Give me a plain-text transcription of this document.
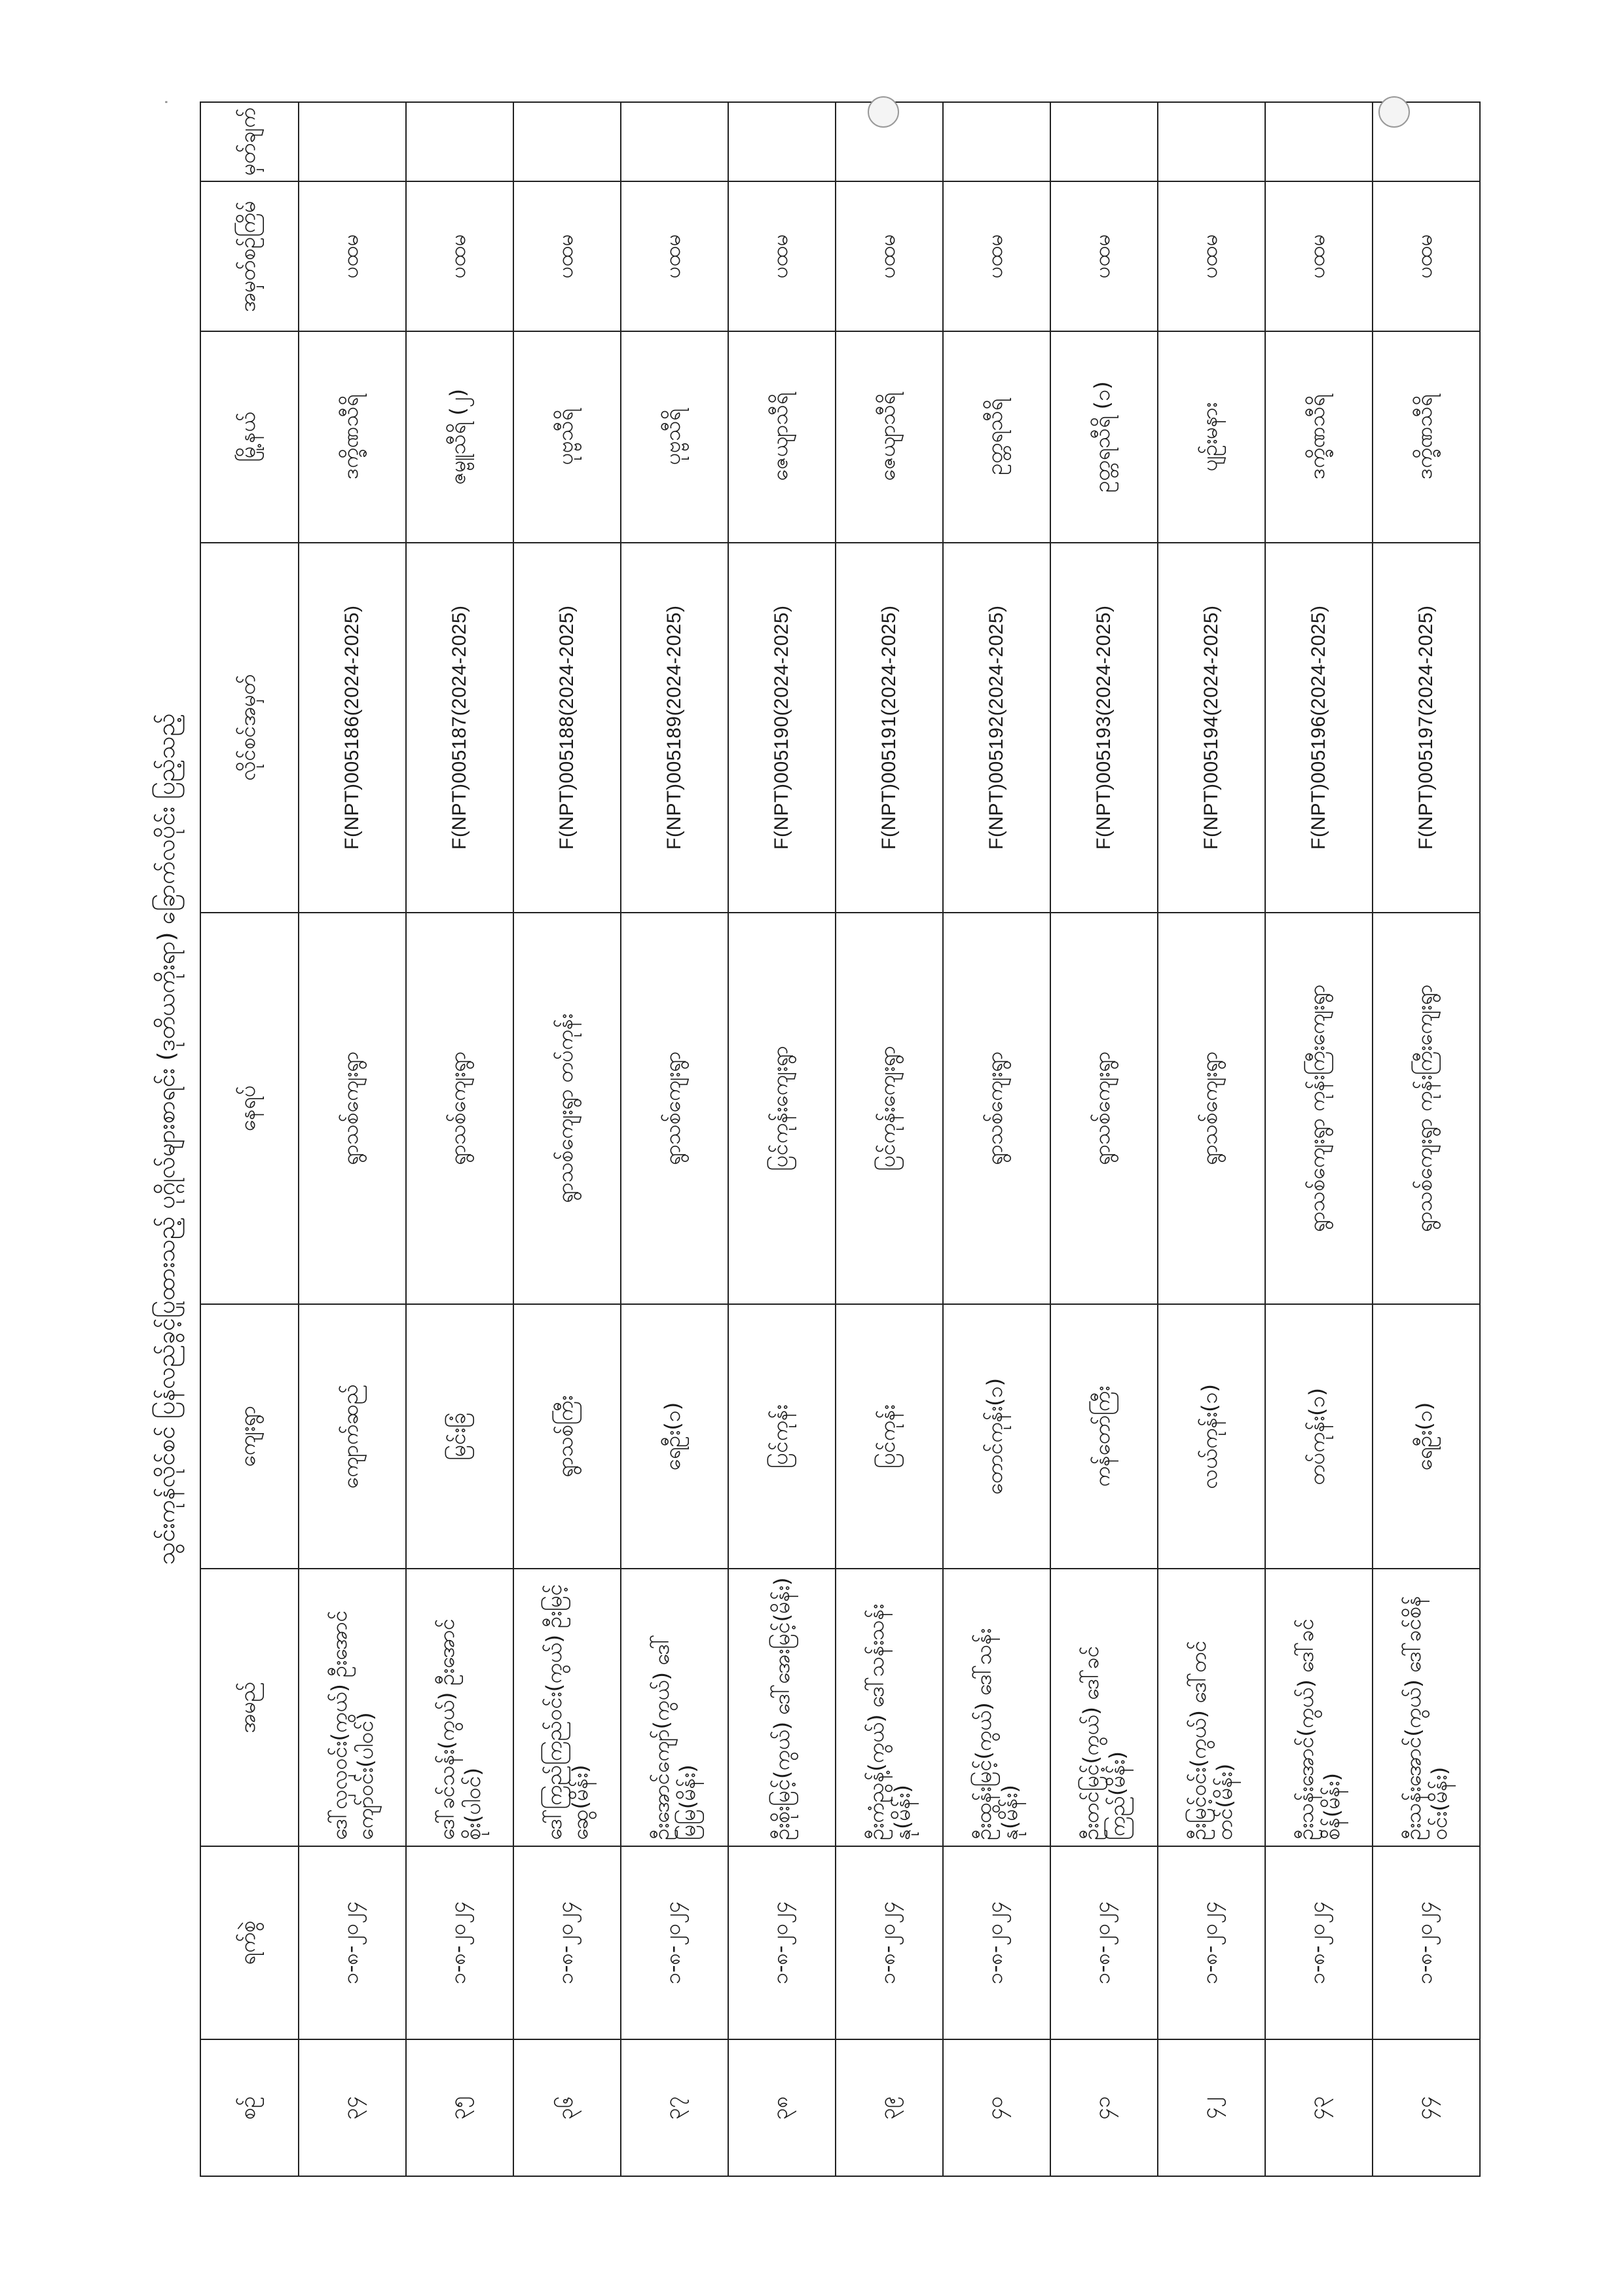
သွင်းကုန်လိုင်စင် ပြန်လည်ခွင့်ပြုထားသည့် ပုဂ္ဂိုလ်များစာရင်း (ဒုတိယကိုးရာ) ခြောက်လပိုင်း ပြည့်သည့်
စဉ်	ရက်စွဲ	အမည်	ကျေးရွာ	နေရပ်	လိုင်စင်အမှတ်	မြို့နယ်	အမှတ်စဉ်ကြိမ်	မှတ်ချက်
၃၄	၁-၈-၂၀၂၄	ဒေါ်လှလှဝင်း(ကွယ်) ဦးအောင်ကျော်ဝင်း(ပါဝင်)	ကျောက်ဆည်	ရွာသစ်ကျေးရွာ	F(NPT)005186(2024-2025)	ဒက္ခိဏသီရိ	ပထမ	
၃၅	၁-၈-၂၀၂၄	ဒေါ်ခင်သန်း(ကွယ်) ဦးအောင်စိုး(ပါဝင်)	မြင်းခြံ	ရွာသစ်ကျေးရွာ	F(NPT)005187(2024-2025)	ဇမ္ဗူသီရိ (၂)	ပထမ	
၃၆	၁-၈-၂၀၂၄	ဒေါ်ကြည်ကြည်ဝင်း(ကွယ်) ဦးမြင့်ဆွေ(မိန်း)	ရွာသစ်ကြီး	ရွာသစ်ကျေးရွာ တပ်ကုန်း	F(NPT)005188(2024-2025)	ပုဗ္ဗသီရိ	ပထမ	
၃၇	၁-၈-၂၀၂၄	ဦးအောင်ကျော်(ကွယ်) ဒေါ်မြမြ(မိန်း)	ရေဦး(၁)	ရွာသစ်ကျေးရွာ	F(NPT)005189(2024-2025)	ပုဗ္ဗသီရိ	ပထမ	
၃၈	၁-၈-၂၀၂၄	ဦးစိုးမြင့်(ကွယ်) ဒေါ်အေးမြင့်(မိန်း)	ပြင်ကုန်း	ပြင်ကုန်းကျေးရွာ	F(NPT)005190(2024-2025)	ဇေယျာသီရိ	ပထမ	
၃၉	၁-၈-၂၀၂၄	ဦးကံညွန့်(ကွယ်) ဒေါ်သန်းသန်းနု(မိန်း)	ပြင်ကုန်း	ပြင်ကုန်းကျေးရွာ	F(NPT)005191(2024-2025)	ဇေယျာသီရိ	ပထမ	
၄၀	၁-၈-၂၀၂၄	ဦးထွန်းမြင့်(ကွယ်) ဒေါ်သန်းနု(မိန်း)	တောင်ကုန်း(၁)	ရွာသစ်ကျေးရွာ	F(NPT)005192(2024-2025)	ဥတ္တရသီရိ	ပထမ	
၄၁	၁-၈-၂၀၂၄	ဦးတင်မြင့်(ကွယ်) ဒေါ်ခင်ကြည်(မိန်း)	ကန်တော်ကြီး	ရွာသစ်ကျေးရွာ	F(NPT)005193(2024-2025)	ဥတ္တရသီရိ (၁)	ပထမ	
၄၂	၁-၈-၂၀၂၄	ဦးမြင့်ဝင်း(ကွယ်) ဒေါ်တင်တင်(မိန်း)	လယ်ကုန်း(၁)	ရွာသစ်ကျေးရွာ	F(NPT)005194(2024-2025)	ပျဉ်းမနား	ပထမ	
၄၃	၁-၈-၂၀၂၄	ဦးသန်းအောင်(ကွယ်) ဒေါ်ခင်စိန်(မိန်း)	တပ်ကုန်း(၁)	ရွာသစ်ကျေးရွာ ကုန်းကြီးကျေးရွာ	F(NPT)005196(2024-2025)	ဒက္ခိဏသီရိ	ပထမ	
၄၄	၁-၈-၂၀၂၄	ဦးသန်းအောင်(ကွယ်) ဒေါ်ခင်စိန်ဝင်း(မိန်း)	ရေဦး(၁)	ရွာသစ်ကျေးရွာ ကုန်းကြီးကျေးရွာ	F(NPT)005197(2024-2025)	ဒက္ခိဏသီရိ	ပထမ	
·
